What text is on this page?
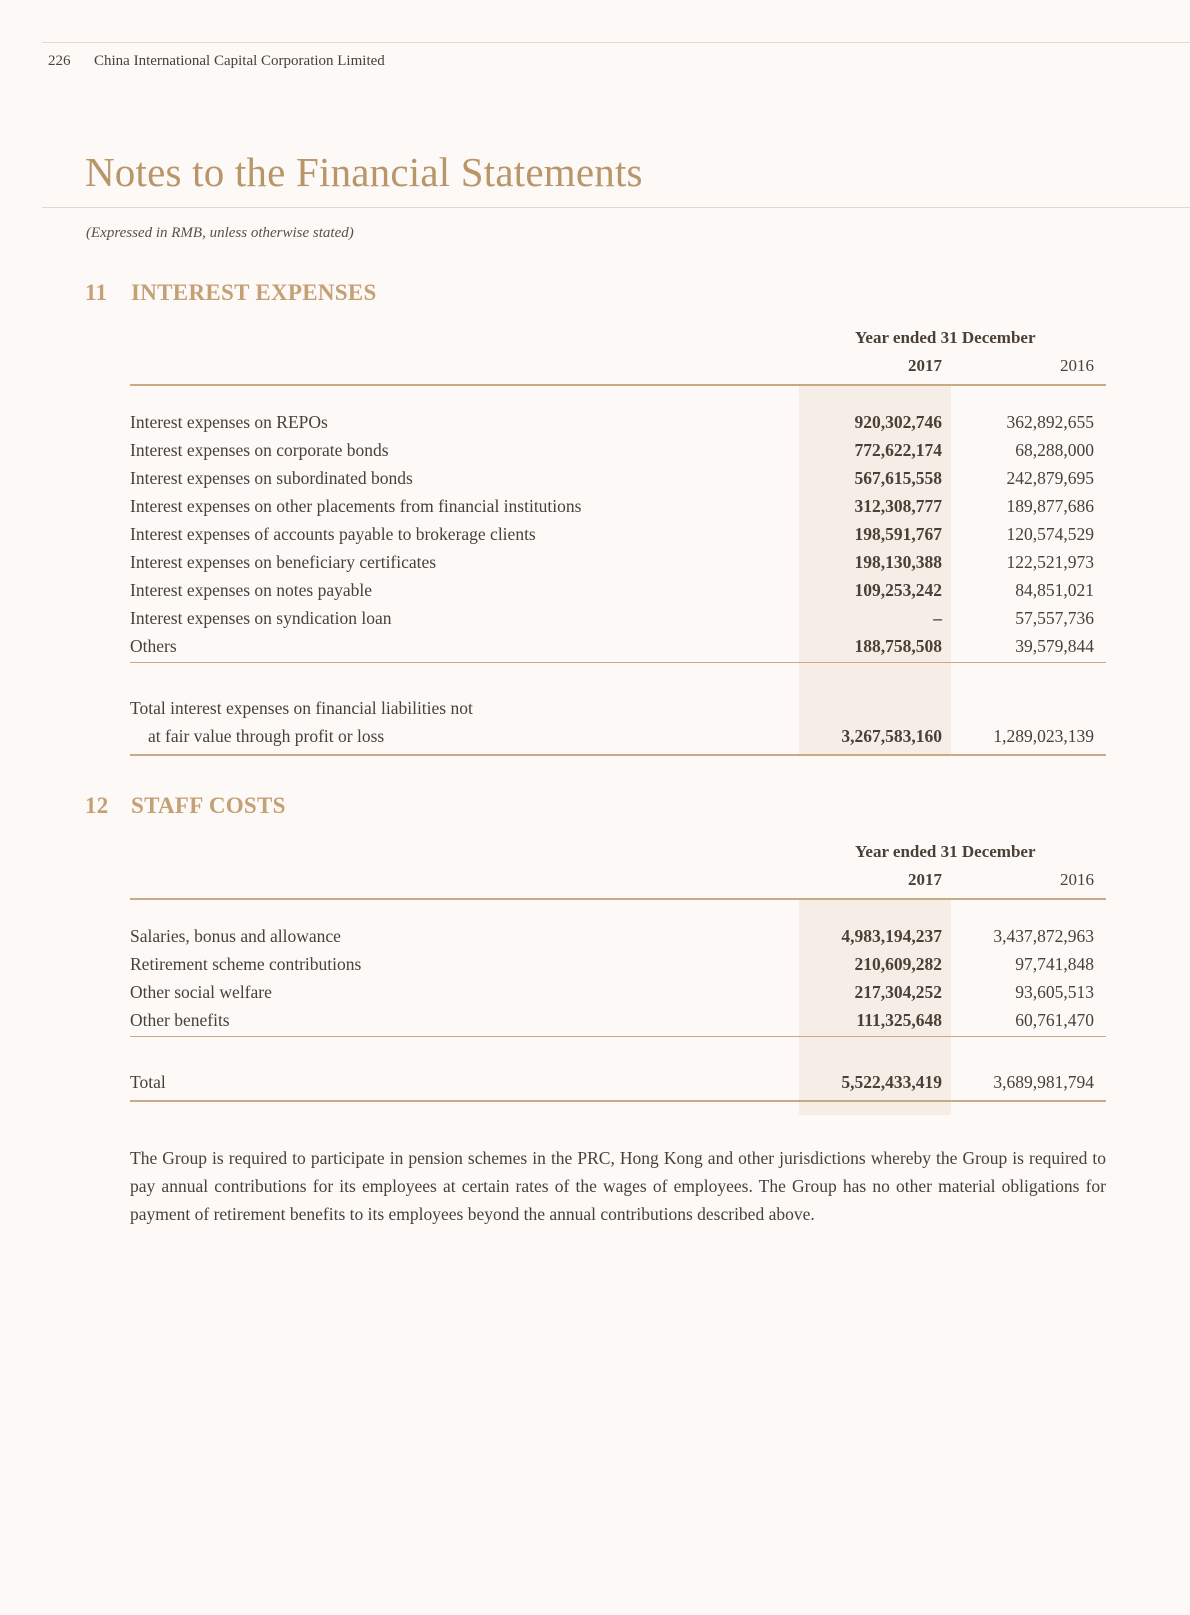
226 China International Capital Corporation Limited
Notes to the Financial Statements
(Expressed in RMB, unless otherwise stated)
11 INTEREST EXPENSES
Year ended 31 December
2017	2016
Interest expenses on REPOs	920,302,746	362,892,655
Interest expenses on corporate bonds	772,622,174	68,288,000
Interest expenses on subordinated bonds	567,615,558	242,879,695
Interest expenses on other placements from financial institutions	312,308,777	189,877,686
Interest expenses of accounts payable to brokerage clients	198,591,767	120,574,529
Interest expenses on beneficiary certificates	198,130,388	122,521,973
Interest expenses on notes payable	109,253,242	84,851,021
Interest expenses on syndication loan	–	57,557,736
Others	188,758,508	39,579,844
Total interest expenses on financial liabilities not
at fair value through profit or loss	3,267,583,160	1,289,023,139
12 STAFF COSTS
Year ended 31 December
2017	2016
Salaries, bonus and allowance	4,983,194,237	3,437,872,963
Retirement scheme contributions	210,609,282	97,741,848
Other social welfare	217,304,252	93,605,513
Other benefits	111,325,648	60,761,470
Total	5,522,433,419	3,689,981,794

The Group is required to participate in pension schemes in the PRC, Hong Kong and other jurisdictions whereby the Group is required to pay annual contributions for its employees at certain rates of the wages of employees. The Group has no other material obligations for payment of retirement benefits to its employees beyond the annual contributions described above.
